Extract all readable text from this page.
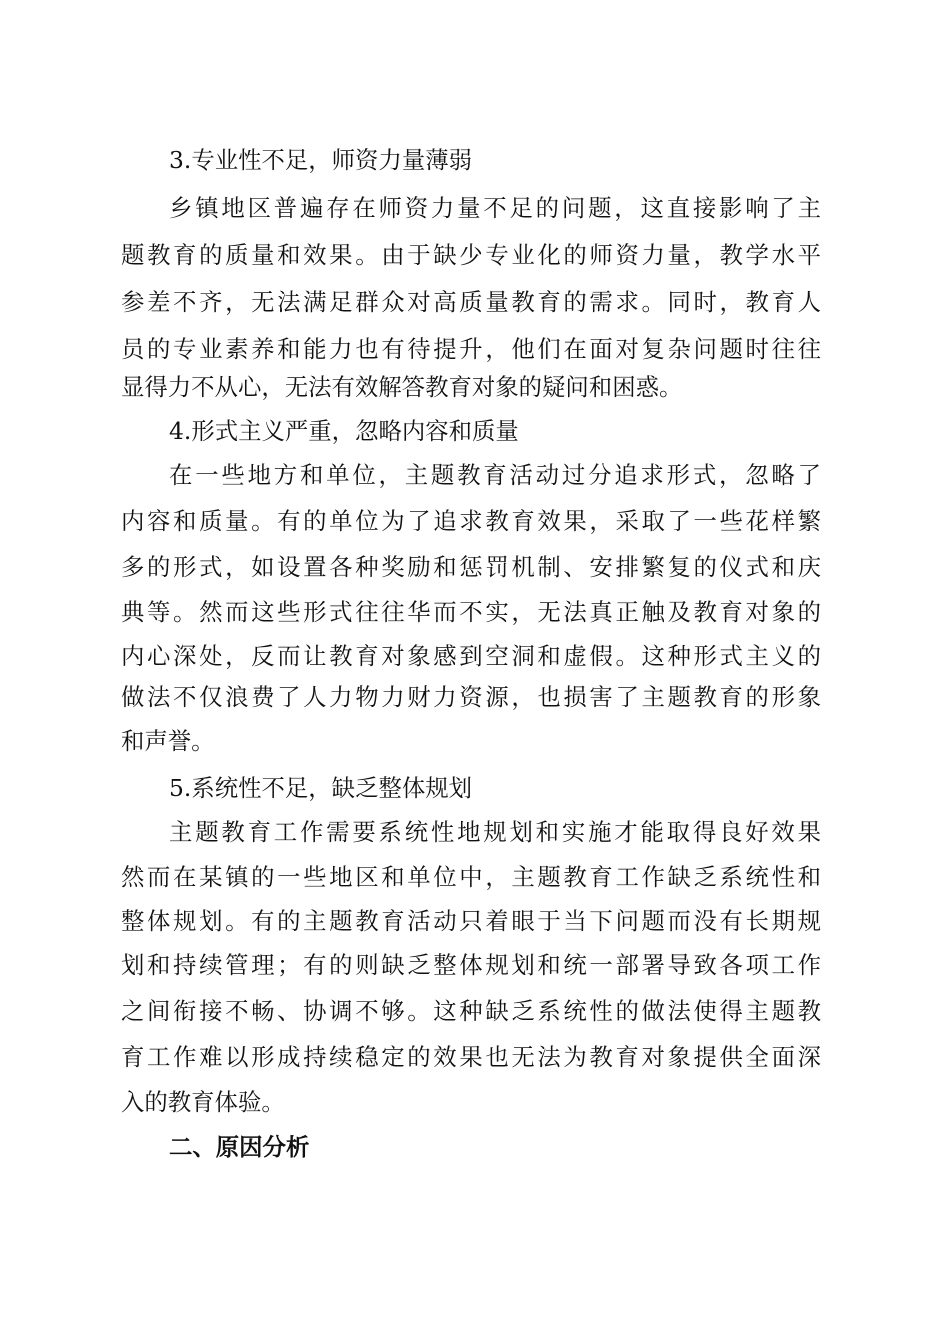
3.专业性不足，师资力量薄弱
乡镇地区普遍存在师资力量不足的问题，这直接影响了主
题教育的质量和效果。由于缺少专业化的师资力量，教学水平
参差不齐，无法满足群众对高质量教育的需求。同时，教育人
员的专业素养和能力也有待提升，他们在面对复杂问题时往往
显得力不从心，无法有效解答教育对象的疑问和困惑。
4.形式主义严重，忽略内容和质量
在一些地方和单位，主题教育活动过分追求形式，忽略了
内容和质量。有的单位为了追求教育效果，采取了一些花样繁
多的形式，如设置各种奖励和惩罚机制、安排繁复的仪式和庆
典等。然而这些形式往往华而不实，无法真正触及教育对象的
内心深处，反而让教育对象感到空洞和虚假。这种形式主义的
做法不仅浪费了人力物力财力资源，也损害了主题教育的形象
和声誉。
5.系统性不足，缺乏整体规划
主题教育工作需要系统性地规划和实施才能取得良好效果
然而在某镇的一些地区和单位中，主题教育工作缺乏系统性和
整体规划。有的主题教育活动只着眼于当下问题而没有长期规
划和持续管理；有的则缺乏整体规划和统一部署导致各项工作
之间衔接不畅、协调不够。这种缺乏系统性的做法使得主题教
育工作难以形成持续稳定的效果也无法为教育对象提供全面深
入的教育体验。
二、原因分析
